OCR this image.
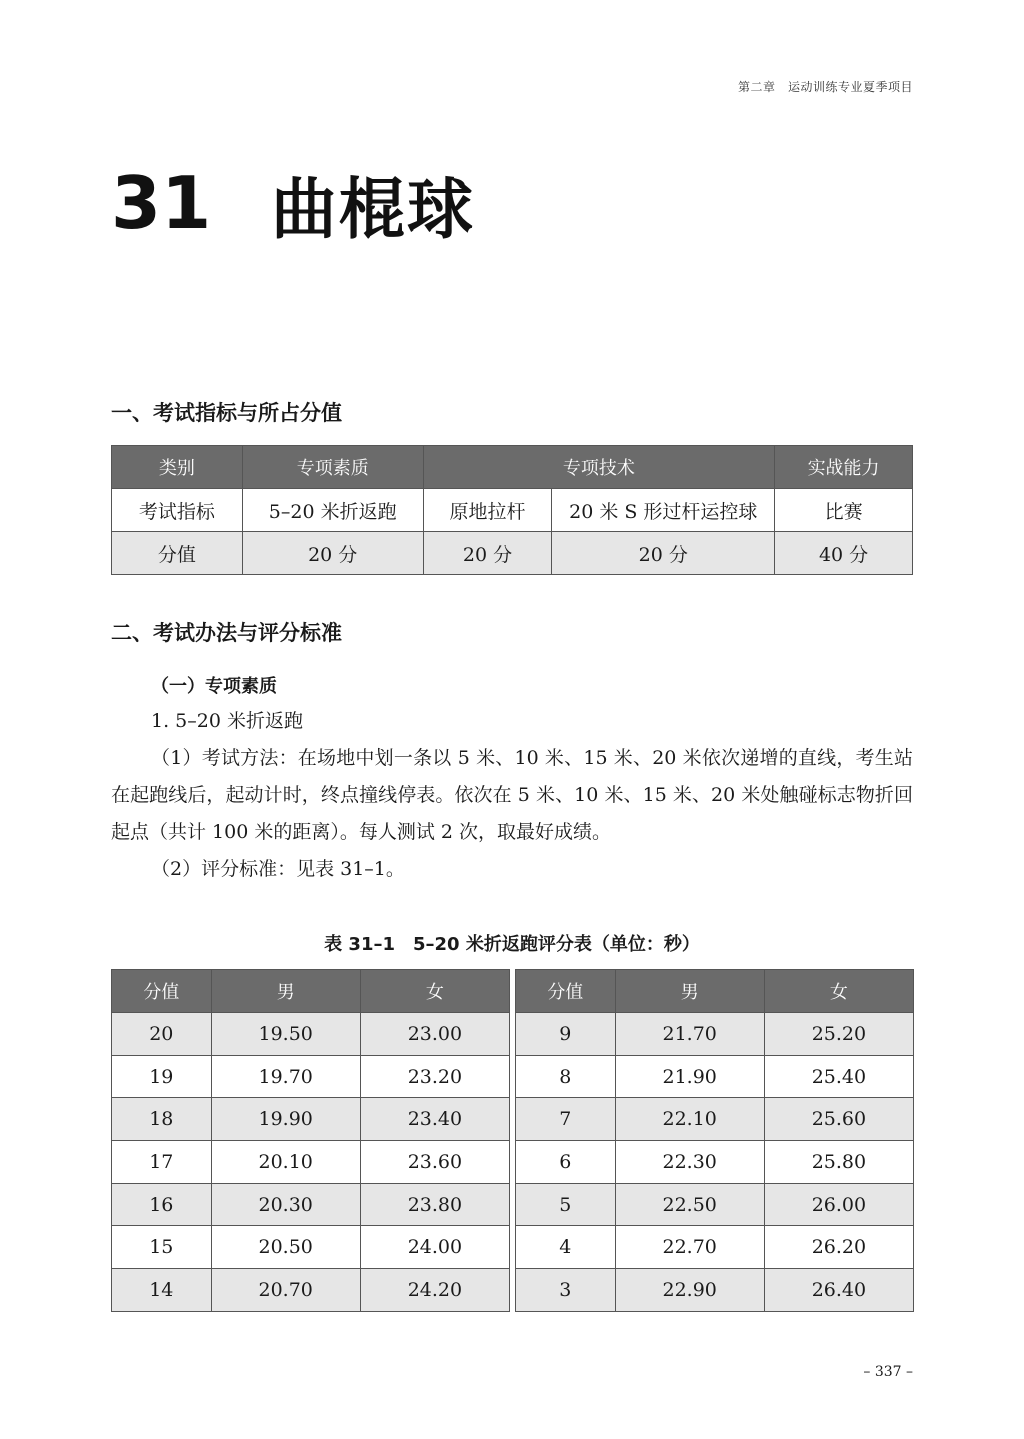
第二章　运动训练专业夏季项目
31 曲棍球
一、考试指标与所占分值
类别	专项素质	专项技术		实战能力
考试指标	5–20 米折返跑	原地拉杆	20 米 S 形过杆运控球	比赛
分值	20 分	20 分	20 分	40 分
二、考试办法与评分标准
（一）专项素质

1. 5–20 米折返跑

（1）考试方法：在场地中划一条以 5 米、10 米、15 米、20 米依次递增的直线，考生站在起跑线后，起动计时，终点撞线停表。依次在 5 米、10 米、15 米、20 米处触碰标志物折回起点（共计 100 米的距离）。每人测试 2 次，取最好成绩。

（2）评分标准：见表 31–1。

表 31–1　5–20 米折返跑评分表（单位：秒）
分值	男	女
20	19.50	23.00
19	19.70	23.20
18	19.90	23.40
17	20.10	23.60
16	20.30	23.80
15	20.50	24.00
14	20.70	24.20
分值	男	女
9	21.70	25.20
8	21.90	25.40
7	22.10	25.60
6	22.30	25.80
5	22.50	26.00
4	22.70	26.20
3	22.90	26.40
– 337 –
